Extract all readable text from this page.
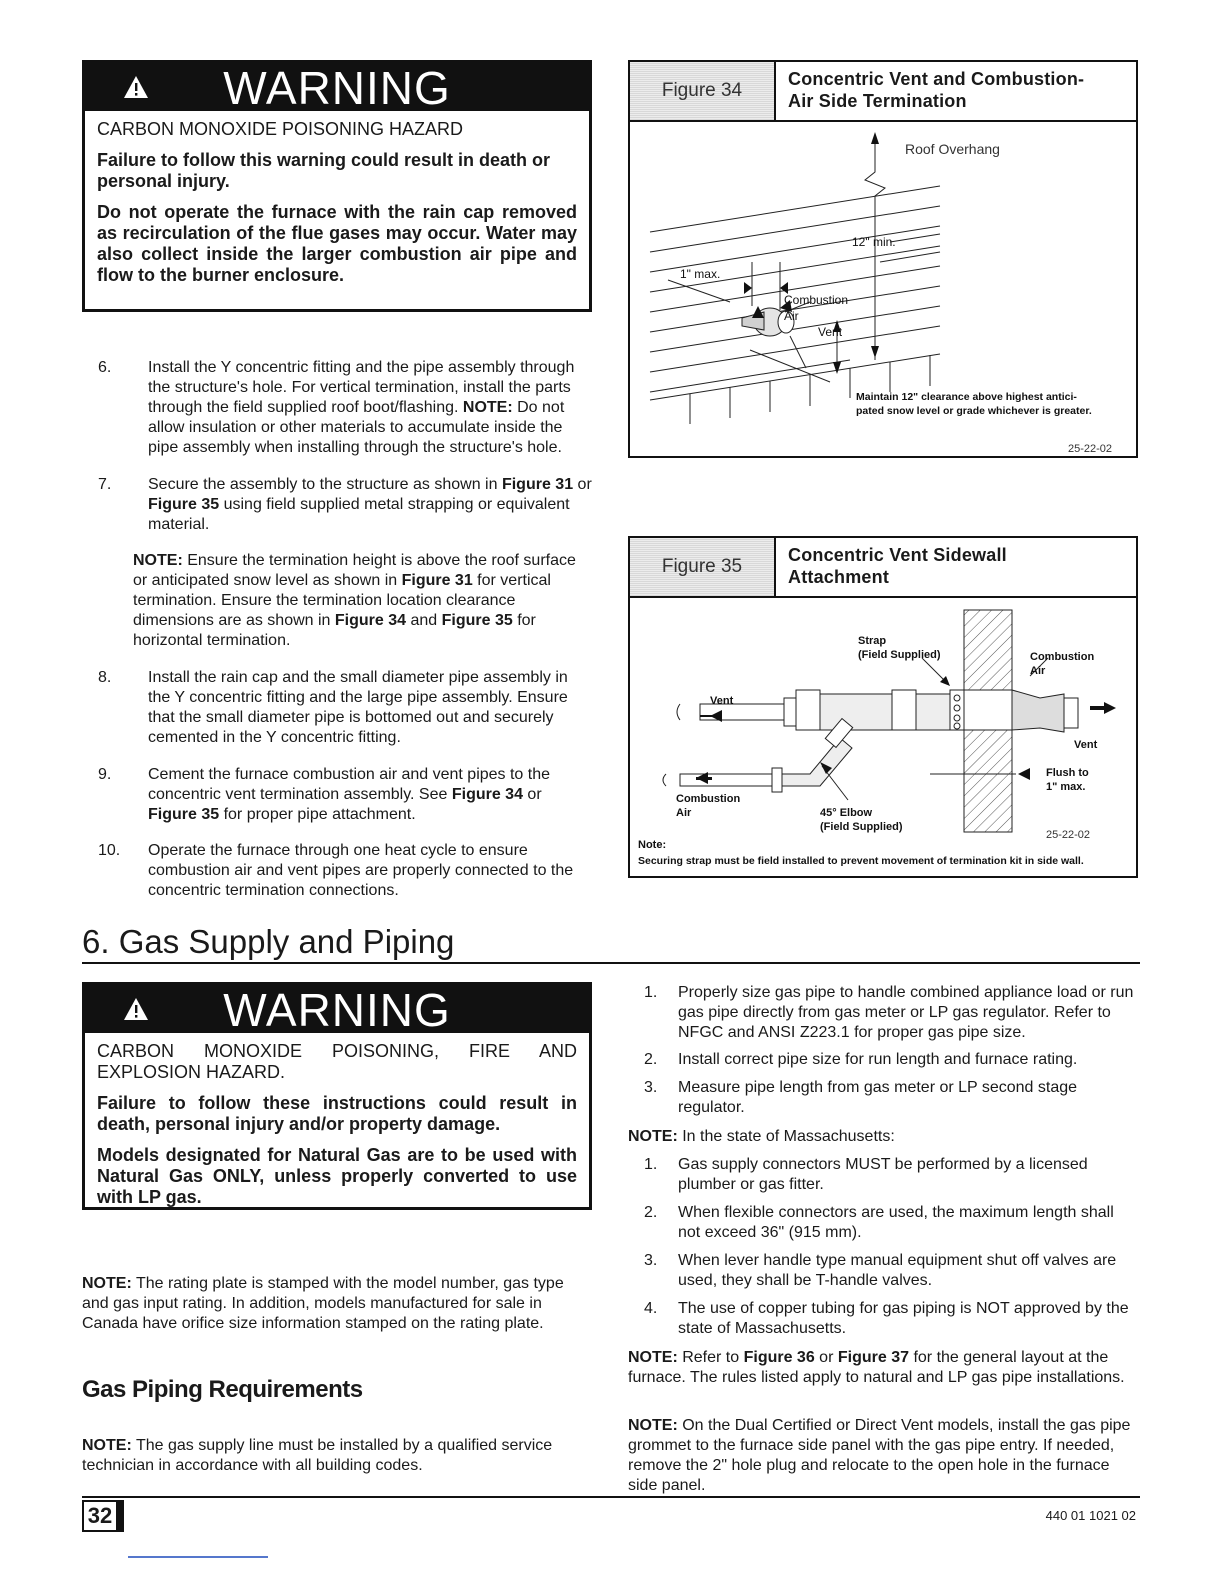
WARNING

CARBON MONOXIDE POISONING HAZARD

Failure to follow this warning could result in death or personal injury.

Do not operate the furnace with the rain cap removed as recirculation of the flue gases may occur. Water may also collect inside the larger combustion air pipe and flow to the burner enclosure.

6.	Install the Y concentric fitting and the pipe assembly through the structure's hole. For vertical termination, install the parts through the field supplied roof boot/flashing. NOTE: Do not allow insulation or other materials to accumulate inside the pipe assembly when installing through the structure's hole.
7.	Secure the assembly to the structure as shown in Figure 31 or Figure 35 using field supplied metal strapping or equivalent material.
NOTE: Ensure the termination height is above the roof surface or anticipated snow level as shown in Figure 31 for vertical termination. Ensure the termination location clearance dimensions are as shown in Figure 34 and Figure 35 for horizontal termination.
8.	Install the rain cap and the small diameter pipe assembly in the Y concentric fitting and the large pipe assembly. Ensure that the small diameter pipe is bottomed out and securely cemented in the Y concentric fitting.
9.	Cement the furnace combustion air and vent pipes to the concentric vent termination assembly. See Figure 34 or Figure 35 for proper pipe attachment.
10.	Operate the furnace through one heat cycle to ensure combustion air and vent pipes are properly connected to the concentric termination connections.
Figure 34
Concentric Vent and Combustion-
Air Side Termination
Roof Overhang
12" min.
1" max.
Combustion
Air
Vent
Maintain 12" clearance above highest antici-
pated snow level or grade whichever is greater.
25-22-02
Figure 35
Concentric Vent Sidewall
Attachment
Strap
(Field Supplied)	Combustion
Air
Vent
Vent
Flush to
1" max.
Combustion
Air	45° Elbow
(Field Supplied)
25-22-02
Note:
Securing strap must be field installed to prevent movement of termination kit in side wall.
6. Gas Supply and Piping
WARNING

CARBON MONOXIDE POISONING, FIRE AND EXPLOSION HAZARD.

Failure to follow these instructions could result in death, personal injury and/or property damage.

Models designated for Natural Gas are to be used with Natural Gas ONLY, unless properly converted to use with LP gas.

NOTE: The rating plate is stamped with the model number, gas type and gas input rating. In addition, models manufactured for sale in Canada have orifice size information stamped on the rating plate.
Gas Piping Requirements
NOTE: The gas supply line must be installed by a qualified service technician in accordance with all building codes.
1.	Properly size gas pipe to handle combined appliance load or run gas pipe directly from gas meter or LP gas regulator. Refer to NFGC and ANSI Z223.1 for proper gas pipe size.
2.	Install correct pipe size for run length and furnace rating.
3.	Measure pipe length from gas meter or LP second stage regulator.
NOTE: In the state of Massachusetts:
1.	Gas supply connectors MUST be performed by a licensed plumber or gas fitter.
2.	When flexible connectors are used, the maximum length shall not exceed 36" (915 mm).
3.	When lever handle type manual equipment shut off valves are used, they shall be T-handle valves.
4.	The use of copper tubing for gas piping is NOT approved by the state of Massachusetts.
NOTE: Refer to Figure 36 or Figure 37 for the general layout at the furnace. The rules listed apply to natural and LP gas pipe installations.
NOTE: On the Dual Certified or Direct Vent models, install the gas pipe grommet to the furnace side panel with the gas pipe entry. If needed, remove the 2" hole plug and relocate to the open hole in the furnace side panel.
32	440 01 1021 02
